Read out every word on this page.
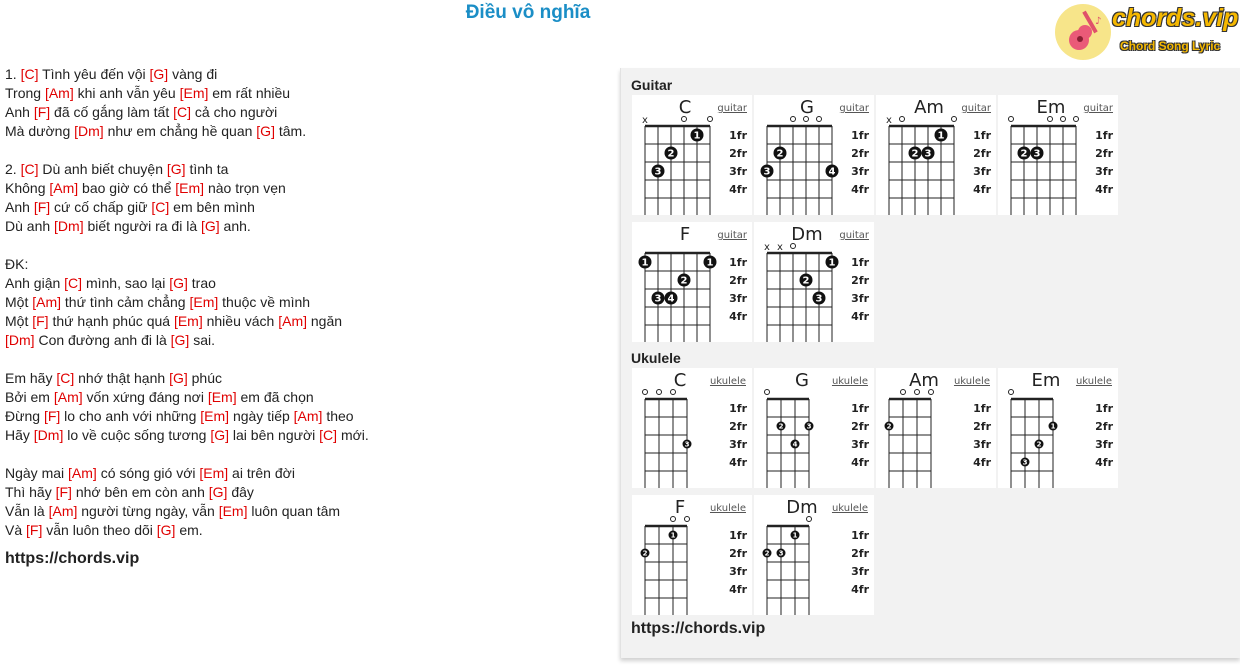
Điều vô nghĩa	♪ chords.vip
Chord Song Lyric
1. [C] Tình yêu đến vội [G] vàng đi
Trong [Am] khi anh vẫn yêu [Em] em rất nhiều
Anh [F] đã cố gắng làm tất [C] cả cho người
Mà dường [Dm] như em chẳng hề quan [G] tâm.
2. [C] Dù anh biết chuyện [G] tình ta
Không [Am] bao giờ có thể [Em] nào trọn vẹn
Anh [F] cứ cố chấp giữ [C] em bên mình
Dù anh [Dm] biết người ra đi là [G] anh.
ĐK:
Anh giận [C] mình, sao lại [G] trao
Một [Am] thứ tình cảm chẳng [Em] thuộc về mình
Một [F] thứ hạnh phúc quá [Em] nhiều vách [Am] ngăn
[Dm] Con đường anh đi là [G] sai.
Em hãy [C] nhớ thật hạnh [G] phúc
Bởi em [Am] vốn xứng đáng nơi [Em] em đã chọn
Đừng [F] lo cho anh với những [Em] ngày tiếp [Am] theo
Hãy [Dm] lo về cuộc sống tương [G] lai bên người [C] mới.
Ngày mai [Am] có sóng gió với [Em] ai trên đời
Thì hãy [F] nhớ bên em còn anh [G] đây
Vẫn là [Am] người từng ngày, vẫn [Em] luôn quan tâm
Và [F] vẫn luôn theo dõi [G] em.
https://chords.vip
Guitar
C	guitar
1fr
2fr
3fr
4fr
x
1
2
3
G	guitar
1fr
2fr
3fr
4fr
2
3	4
Am guitar
1fr
2fr
3fr
4fr
x
1
2 3
Em guitar
1fr
2fr
3fr
4fr
2 3
F	guitar
1fr
2fr
3fr
4fr
1	1
2
3 4
Dm guitar
1fr
2fr
3fr
4fr
x x
1
2
3
Ukulele
C ukulele
1fr
2fr
3fr
4fr
3
G ukulele
1fr
2fr
3fr
4fr
2	3
4
Am ukulele
1fr
2fr
3fr
4fr
2
Em ukulele
1fr
2fr
3fr
4fr
1
2
3
F ukulele
1fr
2fr
3fr
4fr
1
2
Dm ukulele
1fr
2fr
3fr
4fr
1
2 3
https://chords.vip
